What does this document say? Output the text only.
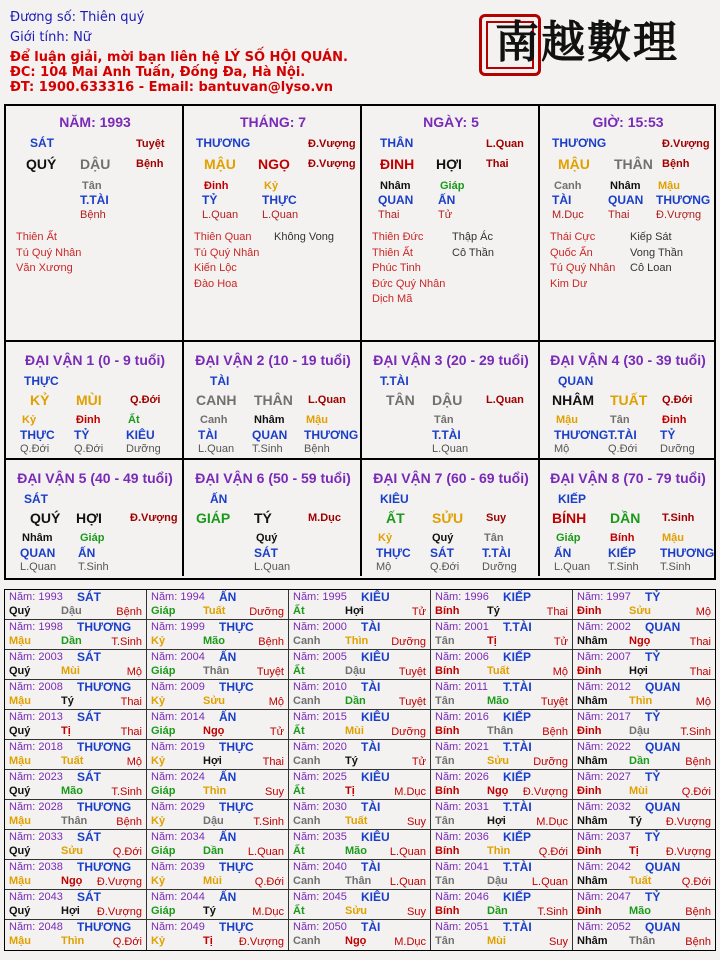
Đương số: Thiên quý
Giới tính: Nữ
Để luận giải, mời bạn liên hệ LÝ SỐ HỘI QUÁN.
ĐC: 104 Mai Anh Tuấn, Đống Đa, Hà Nội.
ĐT: 1900.633316 - Email: bantuvan@lyso.vn
南越數理
NĂM: 1993
SÁT	Tuyệt
QUÝ DẬU Bệnh
Tân
T.TÀI
Bệnh
Thiên Ất
Tú Quý Nhân
Văn Xương
THÁNG: 7
THƯƠNG	Đ.Vượng
MẬU NGỌ Đ.Vượng
Đinh
TỶ
L.Quan
Kỷ
THỰC
L.Quan
Thiên Quan
Tú Quý Nhân
Kiến Lộc
Đào Hoa
Không Vong
NGÀY: 5
THÂN	L.Quan
ĐINH HỢI Thai
Nhâm
QUAN
Thai
Giáp
ẤN
Tử
Thiên Đức
Thiên Ất
Phúc Tinh
Đức Quý Nhân
Dịch Mã
Thập Ác
Cô Thần
GIỜ: 15:53
THƯƠNG	Đ.Vượng
MẬU THÂN Bệnh
Canh
TÀI
M.Dục
Nhâm
QUAN
Thai
Mậu
THƯƠNG
Đ.Vượng
Thái Cực
Quốc Ấn
Tú Quý Nhân
Kim Dư
Kiếp Sát
Vong Thần
Cô Loan
ĐẠI VẬN 1 (0 - 9 tuổi)
THỰC
KỶ MÙI	Q.Đới
Kỷ
THỰC
Q.Đới
Đinh
TỶ
Q.Đới
Ất
KIÊU
Dưỡng
ĐẠI VẬN 2 (10 - 19 tuổi)
TÀI
CANH THÂN L.Quan
Canh
TÀI
L.Quan
Nhâm
QUAN
T.Sinh
Mậu
THƯƠNG
Bệnh
ĐẠI VẬN 3 (20 - 29 tuổi)
T.TÀI
TÂN DẬU L.Quan
Tân
T.TÀI
L.Quan
ĐẠI VẬN 4 (30 - 39 tuổi)
QUAN
NHÂM TUẤT Q.Đới
Mậu
THƯƠNG
Mộ
Tân
T.TÀI
Q.Đới
Đinh
TỶ
Dưỡng
ĐẠI VẬN 5 (40 - 49 tuổi)
SÁT
QUÝ HỢI	Đ.Vượng
Nhâm
QUAN
L.Quan
Giáp
ẤN
T.Sinh
ĐẠI VẬN 6 (50 - 59 tuổi)
ẤN
GIÁP TÝ	M.Dục
Quý
SÁT
L.Quan
ĐẠI VẬN 7 (60 - 69 tuổi)
KIÊU
ẤT SỬU Suy
Kỷ
THỰC
Mộ
Quý
SÁT
Q.Đới
Tân
T.TÀI
Dưỡng
ĐẠI VẬN 8 (70 - 79 tuổi)
KIẾP
BÍNH DẦN T.Sinh
Giáp
ẤN
L.Quan
Bính
KIẾP
T.Sinh
Mậu
THƯƠNG
T.Sinh
Năm: 1993 SÁT
Quý	Dậu	Bệnh
Năm: 1994 ẤN
Giáp	Tuất Dưỡng
Năm: 1995 KIÊU
Ất	Hợi	Tử
Năm: 1996 KIẾP
Bính	Tý	Thai
Năm: 1997 TỶ
Đinh	Sửu	Mộ
Năm: 1998 THƯƠNG
Mậu	Dần	T.Sinh
Năm: 1999 THỰC
Kỷ	Mão	Bệnh
Năm: 2000 TÀI
Canh Thìn Dưỡng
Năm: 2001 T.TÀI
Tân	Tị	Tử
Năm: 2002 QUAN
Nhâm Ngọ	Thai
Năm: 2003 SÁT
Quý	Mùi	Mộ
Năm: 2004 ẤN
Giáp	Thân	Tuyệt
Năm: 2005 KIÊU
Ất	Dậu	Tuyệt
Năm: 2006 KIẾP
Bính	Tuất	Mộ
Năm: 2007 TỶ
Đinh	Hợi	Thai
Năm: 2008 THƯƠNG
Mậu	Tý	Thai
Năm: 2009 THỰC
Kỷ	Sửu	Mộ
Năm: 2010 TÀI
Canh Dần	Tuyệt
Năm: 2011 T.TÀI
Tân	Mão	Tuyệt
Năm: 2012 QUAN
Nhâm Thìn	Mộ
Năm: 2013 SÁT
Quý	Tị	Thai
Năm: 2014 ẤN
Giáp	Ngọ	Tử
Năm: 2015 KIÊU
Ất	Mùi Dưỡng
Năm: 2016 KIẾP
Bính	Thân	Bệnh
Năm: 2017 TỶ
Đinh	Dậu	T.Sinh
Năm: 2018 THƯƠNG
Mậu	Tuất	Mộ
Năm: 2019 THỰC
Kỷ	Hợi	Thai
Năm: 2020 TÀI
Canh Tý	Tử
Năm: 2021 T.TÀI
Tân	Sửu Dưỡng
Năm: 2022 QUAN
Nhâm Dần	Bệnh
Năm: 2023 SÁT
Quý	Mão	T.Sinh
Năm: 2024 ẤN
Giáp	Thìn	Suy
Năm: 2025 KIÊU
Ất	Tị	M.Dục
Năm: 2026 KIẾP
Bính	Ngọ Đ.Vượng
Năm: 2027 TỶ
Đinh	Mùi	Q.Đới
Năm: 2028 THƯƠNG
Mậu	Thân	Bệnh
Năm: 2029 THỰC
Kỷ	Dậu	T.Sinh
Năm: 2030 TÀI
Canh Tuất	Suy
Năm: 2031 T.TÀI
Tân	Hợi	M.Dục
Năm: 2032 QUAN
Nhâm Tý Đ.Vượng
Năm: 2033 SÁT
Quý	Sửu	Q.Đới
Năm: 2034 ẤN
Giáp	Dần L.Quan
Năm: 2035 KIÊU
Ất	Mão L.Quan
Năm: 2036 KIẾP
Bính	Thìn	Q.Đới
Năm: 2037 TỶ
Đinh	Tị Đ.Vượng
Năm: 2038 THƯƠNG
Mậu	Ngọ Đ.Vượng
Năm: 2039 THỰC
Kỷ	Mùi	Q.Đới
Năm: 2040 TÀI
Canh Thân L.Quan
Năm: 2041 T.TÀI
Tân	Dậu L.Quan
Năm: 2042 QUAN
Nhâm Tuất	Q.Đới
Năm: 2043 SÁT
Quý	Hợi Đ.Vượng
Năm: 2044 ẤN
Giáp	Tý	M.Dục
Năm: 2045 KIÊU
Ất	Sửu	Suy
Năm: 2046 KIẾP
Bính	Dần	T.Sinh
Năm: 2047 TỶ
Đinh	Mão	Bệnh
Năm: 2048 THƯƠNG
Mậu	Thìn	Q.Đới
Năm: 2049 THỰC
Kỷ	Tị Đ.Vượng
Năm: 2050 TÀI
Canh Ngọ	M.Dục
Năm: 2051 T.TÀI
Tân	Mùi	Suy
Năm: 2052 QUAN
Nhâm Thân	Bệnh
